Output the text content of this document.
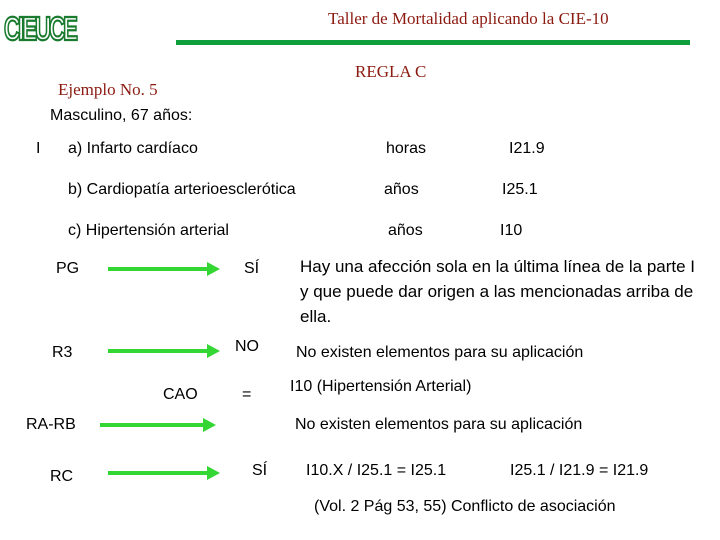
CIEUCE	Taller de Mortalidad aplicando la CIE-10
REGLA C
Ejemplo No. 5
Masculino, 67 años:
I a) Infarto cardíaco	horas	I21.9
b) Cardiopatía arterioesclerótica	años	I25.1
c) Hipertensión arterial	años	I10
PG	SÍ Hay una afección sola en la última línea de la parte I y que puede dar origen a las mencionadas arriba de ella.
R3	NO No existen elementos para su aplicación
CAO	= I10 (Hipertensión Arterial)
RA-RB	No existen elementos para su aplicación
RC	SÍ I10.X / I25.1 = I25.1	I25.1 / I21.9 = I21.9
(Vol. 2 Pág 53, 55) Conflicto de asociación
